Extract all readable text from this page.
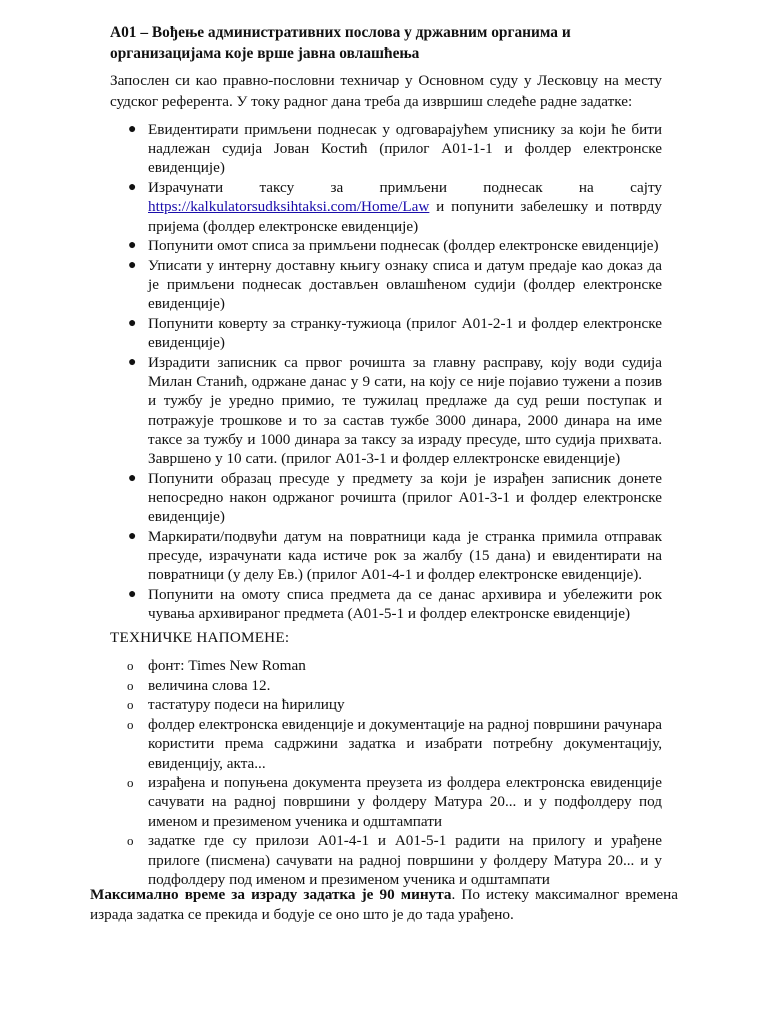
А01 – Вођење административних послова у државним органима и организацијама које врше јавна овлашћења
Запослен си као правно-пословни техничар у Основном суду у Лесковцу на месту судског референта. У току радног дана треба да извршиш следеће радне задатке:
● Евидентирати примљени поднесак у одговарајућем уписнику за који ће бити надлежан судија Јован Костић (прилог А01-1-1 и фолдер електронске евиденције)
● Израчунати таксу за примљени поднесак на сајту https://kalkulatorsudksihtaksi.com/Home/Law и попунити забелешку и потврду пријема (фолдер електронске евиденције)
● Попунити омот списа за примљени поднесак (фолдер електронске евиденције)
● Уписати у интерну доставну књигу ознаку списа и датум предаје као доказ да је примљени поднесак достављен овлашћеном судији (фолдер електронске евиденције)
● Попунити коверту за странку-тужиоца (прилог А01-2-1 и фолдер електронске евиденције)
● Израдити записник са првог рочишта за главну расправу, коју води судија Милан Станић, одржане данас у 9 сати, на коју се није појавио тужени а позив и тужбу је уредно примио, те тужилац предлаже да суд реши поступак и потражује трошкове и то за састав тужбе 3000 динара, 2000 динара на име таксе за тужбу и 1000 динара за таксу за израду пресуде, што судија прихвата. Завршено у 10 сати. (прилог А01-3-1 и фолдер еллектронске евиденције)
● Попунити образац пресуде у предмету за који је израђен записник донете непосредно након одржаног рочишта (прилог А01-3-1 и фолдер електронске евиденције)
● Маркирати/подвући датум на повратници када је странка примила отправак пресуде, израчунати када истиче рок за жалбу (15 дана) и евидентирати на повратници (у делу Ев.) (прилог А01-4-1 и фолдер електронске евиденције).
● Попунити на омоту списа предмета да се данас архивира и убележити рок чувања архивираног предмета (А01-5-1 и фолдер електронске евиденције)
ТЕХНИЧКЕ НАПОМЕНЕ:
o фонт: Times New Roman
o величина слова 12.
o тастатуру подеси на ћирилицу
o фолдер електронска евиденције и документације на радној површини рачунара користити према садржини задатка и изабрати потребну документацију, евиденцију, акта...
o израђена и попуњена документа преузета из фолдера електронска евиденције сачувати на радној површини у фолдеру Матура 20... и у подфолдеру под именом и презименом ученика и одштампати
o задатке где су прилози А01-4-1 и А01-5-1 радити на прилогу и урађене прилоге (писмена) сачувати на радној површини у фолдеру Матура 20... и у подфолдеру под именом и презименом ученика и одштампати
Максимално време за израду задатка је 90 минута. По истеку максималног времена израда задатка се прекида и бодује се оно што је до тада урађено.
